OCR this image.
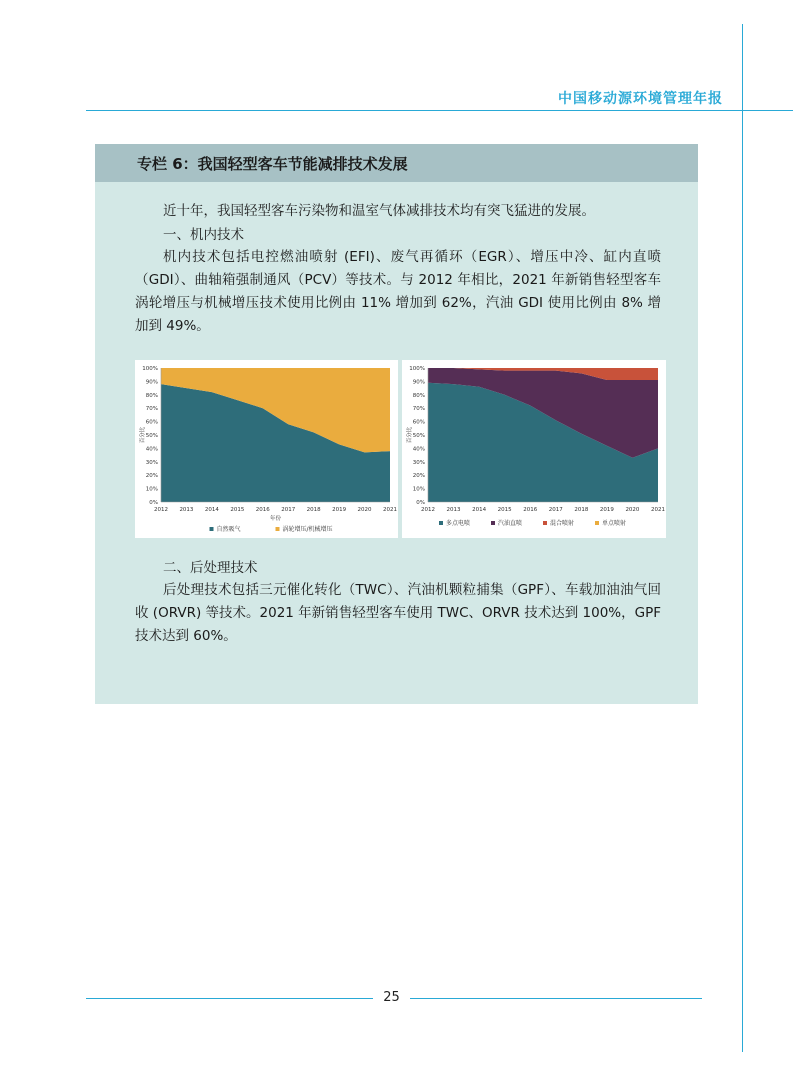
中国移动源环境管理年报
专栏 6：我国轻型客车节能减排技术发展
近十年，我国轻型客车污染物和温室气体减排技术均有突飞猛进的发展。
一、机内技术
机内技术包括电控燃油喷射 (EFI)、废气再循环（EGR）、增压中冷、缸内直喷（GDI）、曲轴箱强制通风（PCV）等技术。与 2012 年相比，2021 年新销售轻型客车涡轮增压与机械增压技术使用比例由 11% 增加到 62%，汽油 GDI 使用比例由 8% 增加到 49%。
0%
10%
20%
30%
40%
50%
60%
70%
80%
90%
100%
2012 2013 2014 2015 2016 2017 2018 2019 2020 2021
百分比
年份
自然吸气	涡轮增压/机械增压
0%
10%
20%
30%
40%
50%
60%
70%
80%
90%
100%
2012 2013 2014 2015 2016 2017 2018 2019 2020 2021
百分比
多点电喷	汽油直喷	混合喷射	单点喷射
二、后处理技术
后处理技术包括三元催化转化（TWC）、汽油机颗粒捕集（GPF）、车载加油油气回收 (ORVR) 等技术。2021 年新销售轻型客车使用 TWC、ORVR 技术达到 100%，GPF 技术达到 60%。
25
